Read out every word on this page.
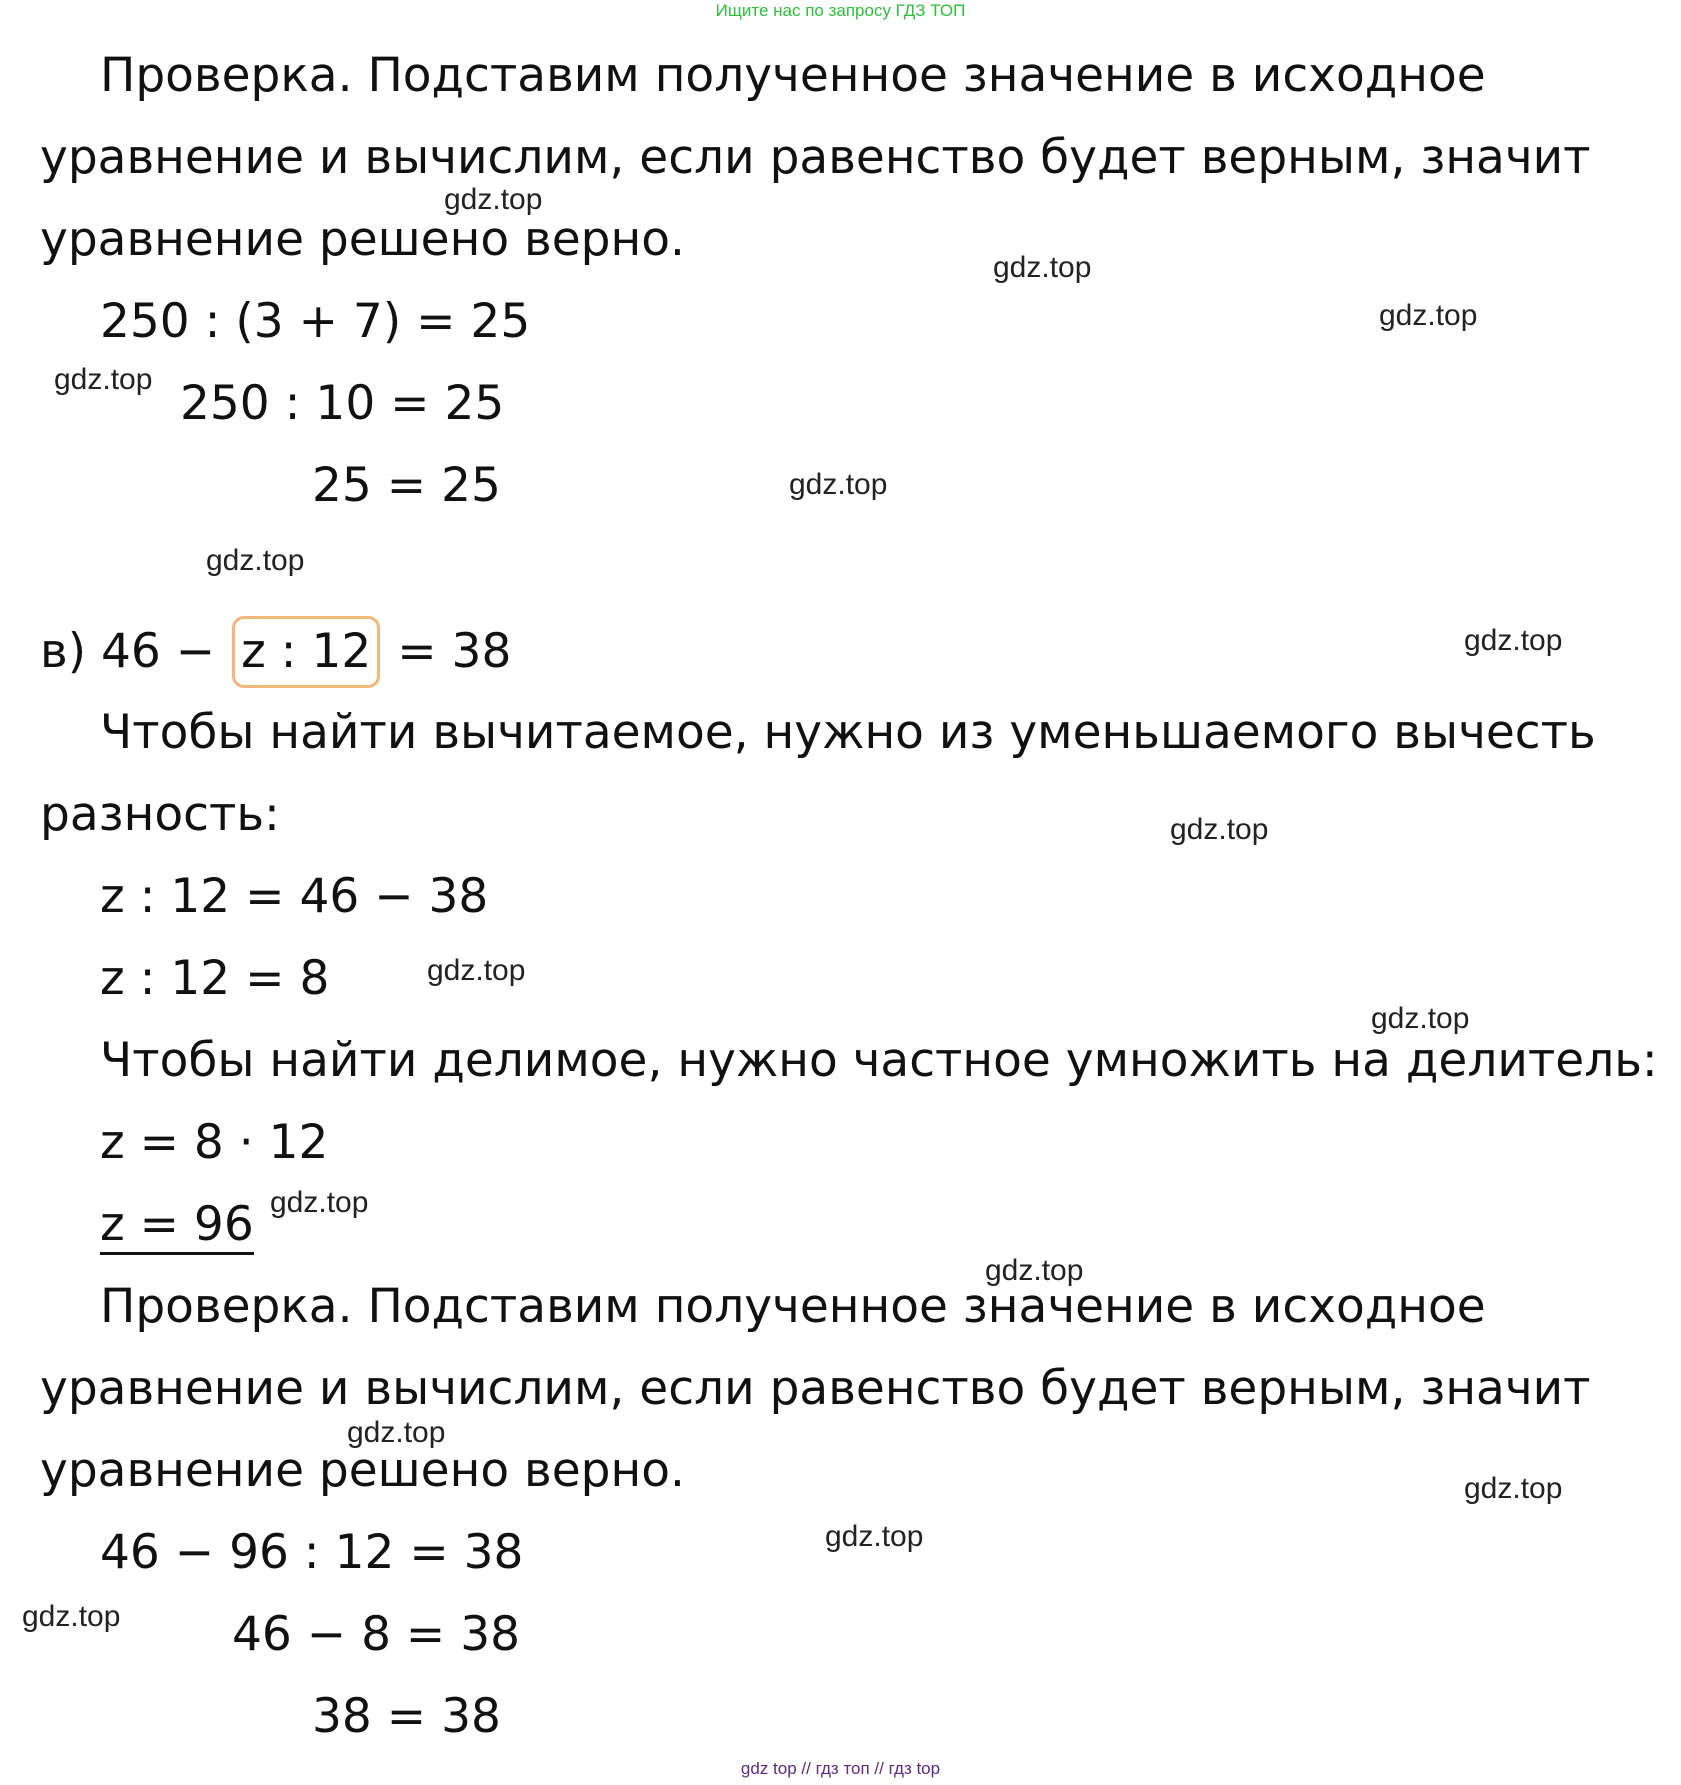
Ищите нас по запросу ГДЗ ТОП
Проверка. Подставим полученное значение в исходное
уравнение и вычислим, если равенство будет верным, значит
уравнение решено верно.
250 : (3 + 7) = 25
250 : 10 = 25
25 = 25
в) 46 − z : 12 = 38
Чтобы найти вычитаемое, нужно из уменьшаемого вычесть
разность:
z : 12 = 46 − 38
z : 12 = 8
Чтобы найти делимое, нужно частное умножить на делитель:
z = 8 · 12
z = 96
Проверка. Подставим полученное значение в исходное
уравнение и вычислим, если равенство будет верным, значит
уравнение решено верно.
46 − 96 : 12 = 38
46 − 8 = 38
38 = 38
gdz.top
gdz.top
gdz.top
gdz.top
gdz.top
gdz.top
gdz.top
gdz.top
gdz.top
gdz.top
gdz.top
gdz.top
gdz.top
gdz.top
gdz.top
gdz.top
gdz top // гдз топ // гдз top
